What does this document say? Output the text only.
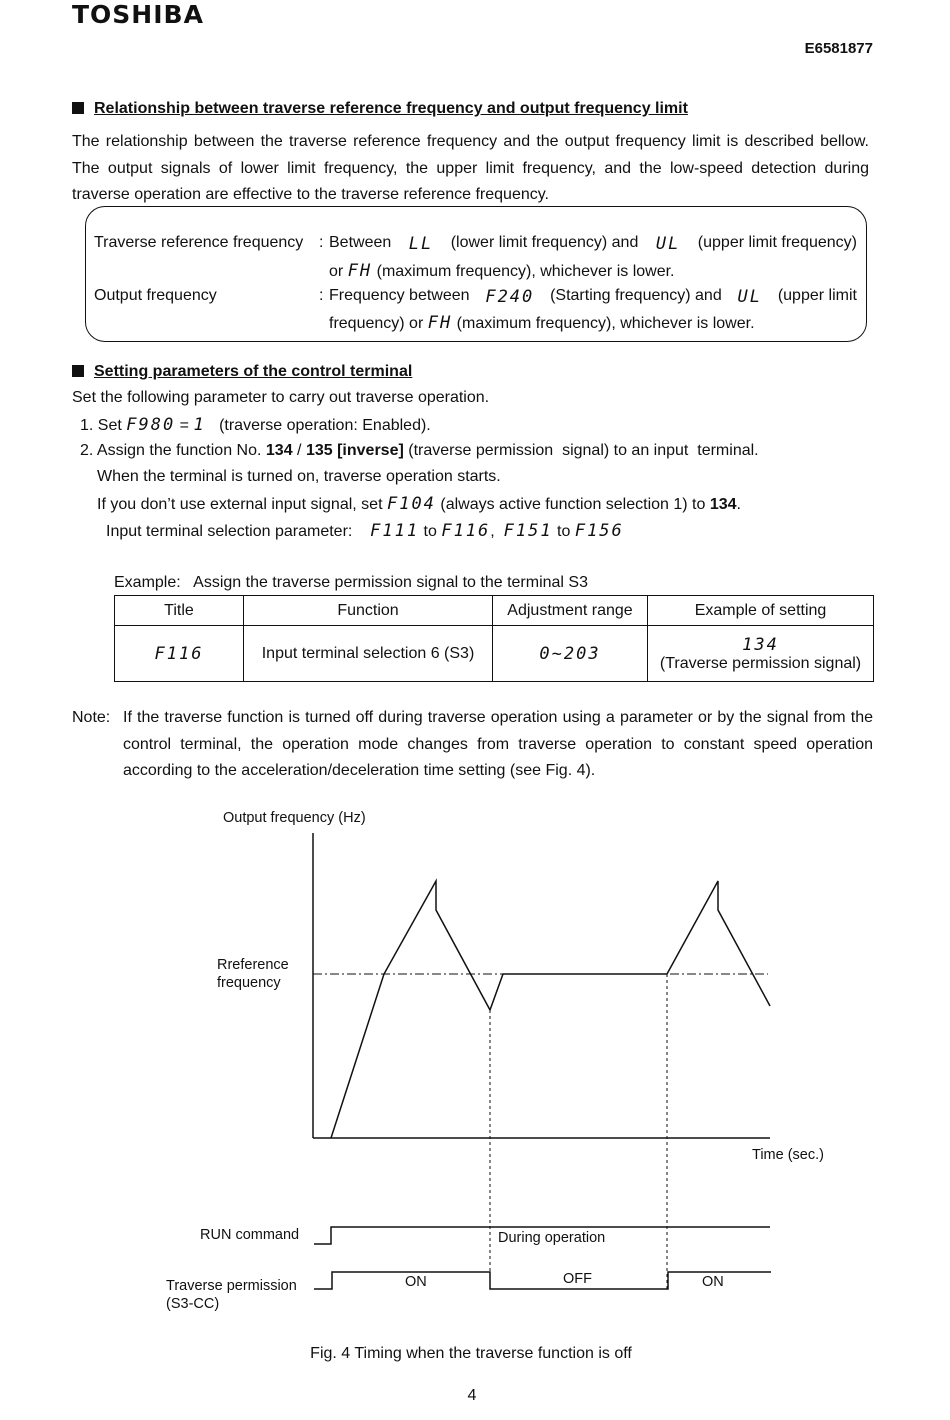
TOSHIBA
E6581877
Relationship between traverse reference frequency and output frequency limit
The relationship between the traverse reference frequency and the output frequency limit is described bellow. The output signals of lower limit frequency, the upper limit frequency, and the low-speed detection during traverse operation are effective to the traverse reference frequency.
Traverse reference frequency : Between LL (lower limit frequency) and UL (upper limit frequency)
or FH (maximum frequency), whichever is lower.
Output frequency	: Frequency between F240 (Starting frequency) and UL (upper limit
frequency) or FH (maximum frequency), whichever is lower.
Setting parameters of the control terminal
Set the following parameter to carry out traverse operation.
1. Set F980 = 1 (traverse operation: Enabled).
2. Assign the function No. 134 / 135 [inverse] (traverse permission  signal) to an input  terminal.
When the terminal is turned on, traverse operation starts.
If you don’t use external input signal, set F104 (always active function selection 1) to 134.
Input terminal selection parameter: F111 to F116, F151 to F156
Example:   Assign the traverse permission signal to the terminal S3
Title	Function	Adjustment range	Example of setting
F116	Input terminal selection 6 (S3)	0~203	134
(Traverse permission signal)
Note: If the traverse function is turned off during traverse operation using a parameter or by the signal from the control terminal, the operation mode changes from traverse operation to constant speed operation according to the acceleration/deceleration time setting (see Fig. 4).
Output frequency (Hz)
Rreference
frequency
Time (sec.)
RUN command	During operation
Traverse permission
(S3-CC)
ON	OFF	ON
Fig. 4 Timing when the traverse function is off
4
